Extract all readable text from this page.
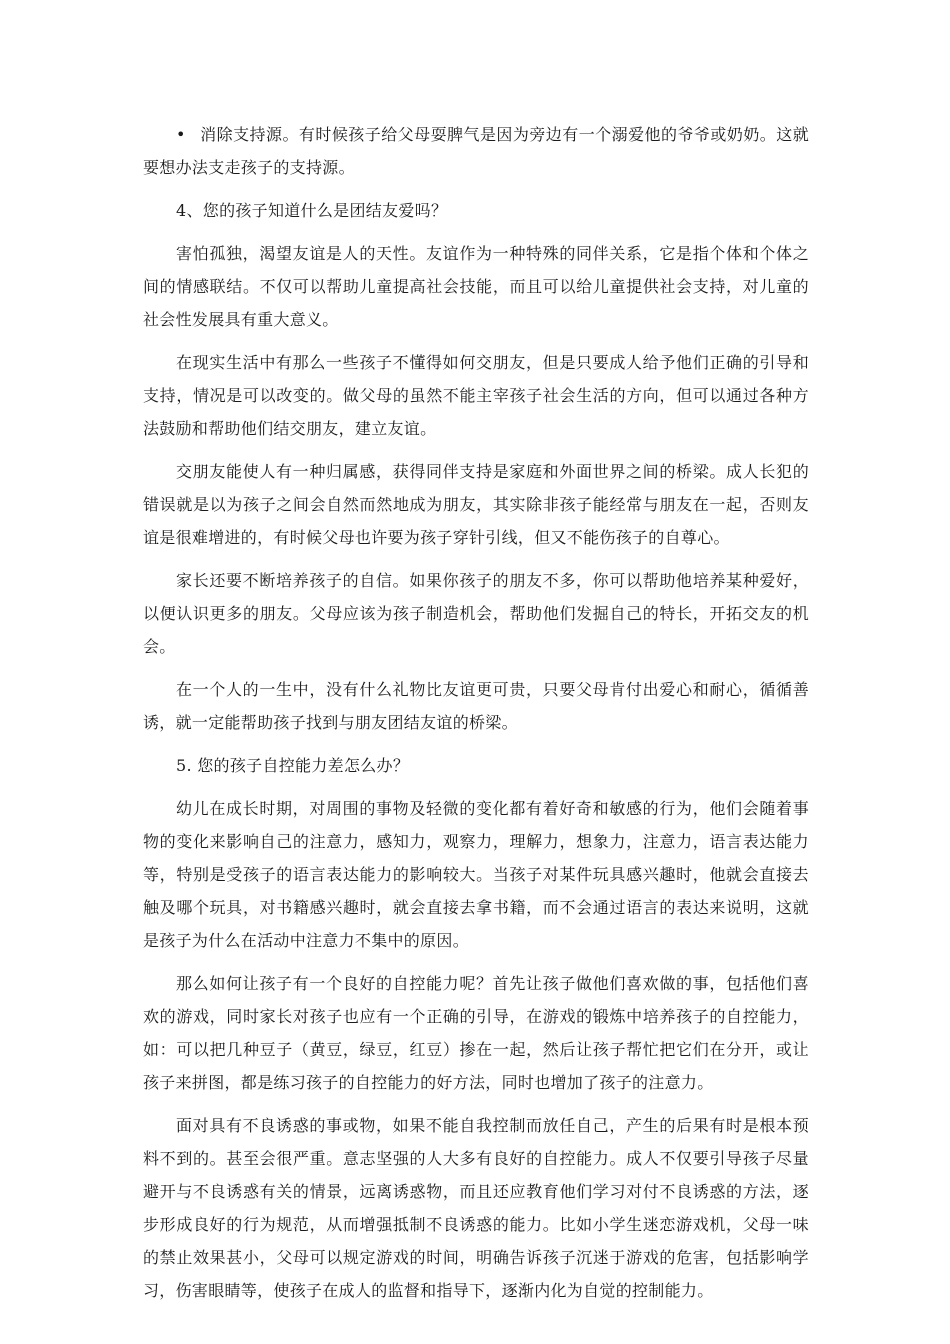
• 消除支持源。有时候孩子给父母耍脾气是因为旁边有一个溺爱他的爷爷或奶奶。这就要想办法支走孩子的支持源。

4、您的孩子知道什么是团结友爱吗？

害怕孤独，渴望友谊是人的天性。友谊作为一种特殊的同伴关系，它是指个体和个体之间的情感联结。不仅可以帮助儿童提高社会技能，而且可以给儿童提供社会支持，对儿童的社会性发展具有重大意义。

在现实生活中有那么一些孩子不懂得如何交朋友，但是只要成人给予他们正确的引导和支持，情况是可以改变的。做父母的虽然不能主宰孩子社会生活的方向，但可以通过各种方法鼓励和帮助他们结交朋友，建立友谊。

交朋友能使人有一种归属感，获得同伴支持是家庭和外面世界之间的桥梁。成人长犯的错误就是以为孩子之间会自然而然地成为朋友，其实除非孩子能经常与朋友在一起，否则友谊是很难增进的，有时候父母也许要为孩子穿针引线，但又不能伤孩子的自尊心。

家长还要不断培养孩子的自信。如果你孩子的朋友不多，你可以帮助他培养某种爱好，以便认识更多的朋友。父母应该为孩子制造机会，帮助他们发掘自己的特长，开拓交友的机会。

在一个人的一生中，没有什么礼物比友谊更可贵，只要父母肯付出爱心和耐心，循循善诱，就一定能帮助孩子找到与朋友团结友谊的桥梁。

5. 您的孩子自控能力差怎么办？

幼儿在成长时期，对周围的事物及轻微的变化都有着好奇和敏感的行为，他们会随着事物的变化来影响自己的注意力，感知力，观察力，理解力，想象力，注意力，语言表达能力等，特别是受孩子的语言表达能力的影响较大。当孩子对某件玩具感兴趣时，他就会直接去触及哪个玩具，对书籍感兴趣时，就会直接去拿书籍，而不会通过语言的表达来说明，这就是孩子为什么在活动中注意力不集中的原因。

那么如何让孩子有一个良好的自控能力呢？首先让孩子做他们喜欢做的事，包括他们喜欢的游戏，同时家长对孩子也应有一个正确的引导，在游戏的锻炼中培养孩子的自控能力，如：可以把几种豆子（黄豆，绿豆，红豆）掺在一起，然后让孩子帮忙把它们在分开，或让孩子来拼图，都是练习孩子的自控能力的好方法，同时也增加了孩子的注意力。

面对具有不良诱惑的事或物，如果不能自我控制而放任自己，产生的后果有时是根本预料不到的。甚至会很严重。意志坚强的人大多有良好的自控能力。成人不仅要引导孩子尽量避开与不良诱惑有关的情景，远离诱惑物，而且还应教育他们学习对付不良诱惑的方法，逐步形成良好的行为规范，从而增强抵制不良诱惑的能力。比如小学生迷恋游戏机，父母一味的禁止效果甚小，父母可以规定游戏的时间，明确告诉孩子沉迷于游戏的危害，包括影响学习，伤害眼睛等，使孩子在成人的监督和指导下，逐渐内化为自觉的控制能力。
